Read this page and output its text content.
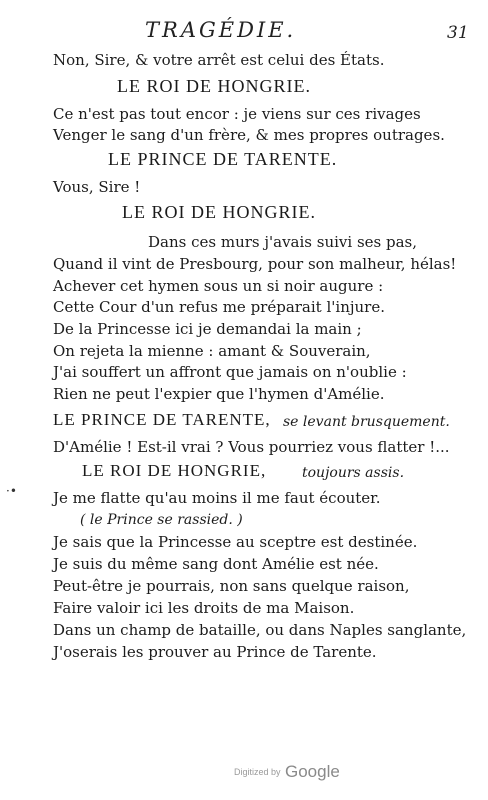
TRAGÉDIE.	31
Non, Sire, & votre arrêt est celui des États.
LE ROI DE HONGRIE.
Ce n'est pas tout encor : je viens sur ces rivages
Venger le sang d'un frère, & mes propres outrages.
LE PRINCE DE TARENTE.
Vous, Sire !
LE ROI DE HONGRIE.
Dans ces murs j'avais suivi ses pas,
Quand il vint de Presbourg, pour son malheur, hélas!
Achever cet hymen sous un si noir augure :
Cette Cour d'un refus me préparait l'injure.
De la Princesse ici je demandai la main ;
On rejeta la mienne : amant & Souverain,
J'ai souffert un affront que jamais on n'oublie :
Rien ne peut l'expier que l'hymen d'Amélie.
LE PRINCE DE TARENTE, se levant brusquement.
D'Amélie ! Est-il vrai ? Vous pourriez vous flatter !...
LE ROI DE HONGRIE,	toujours assis.
·• Je me flatte qu'au moins il me faut écouter.
( le Prince se rassied. )
Je sais que la Princesse au sceptre est destinée.
Je suis du même sang dont Amélie est née.
Peut-être je pourrais, non sans quelque raison,
Faire valoir ici les droits de ma Maison.
Dans un champ de bataille, ou dans Naples sanglante,
J'oserais les prouver au Prince de Tarente.
Digitized by Google
